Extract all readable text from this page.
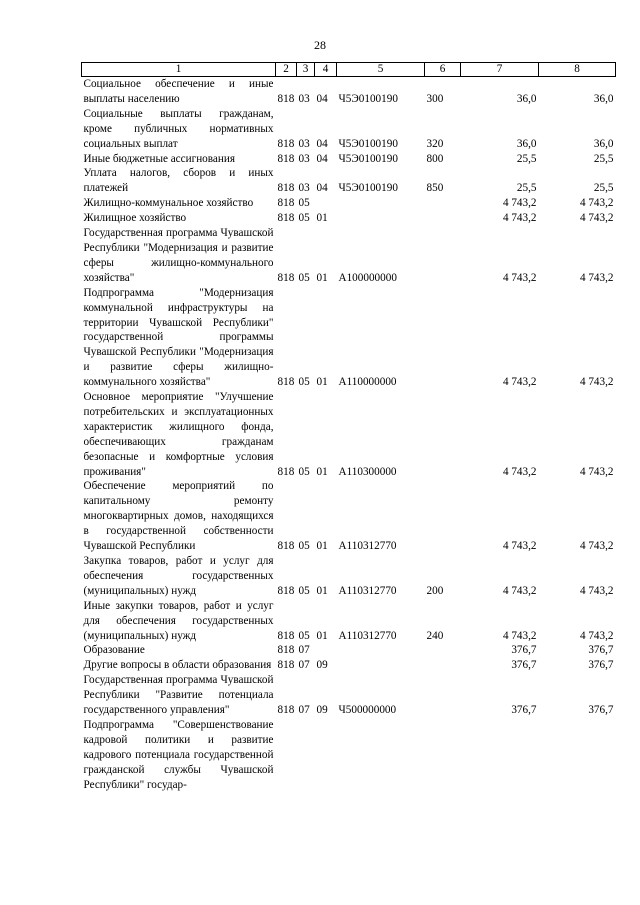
28
1	2	3	4	5	6	7	8
Социальное обеспечение и иные выплаты населению	818	03	04	Ч5Э0100190	300	36,0	36,0
Социальные выплаты гражданам, кроме публичных нормативных социальных выплат	818	03	04	Ч5Э0100190	320	36,0	36,0
Иные бюджетные ассигнования	818	03	04	Ч5Э0100190	800	25,5	25,5
Уплата налогов, сборов и иных платежей	818	03	04	Ч5Э0100190	850	25,5	25,5
Жилищно-коммунальное хозяйство	818	05				4 743,2	4 743,2
Жилищное хозяйство	818	05	01			4 743,2	4 743,2
Государственная программа Чувашской Республики "Модернизация и развитие сферы жилищно-коммунального хозяйства"	818	05	01	А100000000		4 743,2	4 743,2
Подпрограмма "Модернизация коммунальной инфраструктуры на территории Чувашской Республики" государственной программы Чувашской Республики "Модернизация и развитие сферы жилищно-коммунального хозяйства"	818	05	01	А110000000		4 743,2	4 743,2
Основное мероприятие "Улучшение потребительских и эксплуатационных характеристик жилищного фонда, обеспечивающих гражданам безопасные и комфортные условия проживания"	818	05	01	А110300000		4 743,2	4 743,2
Обеспечение мероприятий по капитальному ремонту многоквартирных домов, находящихся в государственной собственности Чувашской Республики	818	05	01	А110312770		4 743,2	4 743,2
Закупка товаров, работ и услуг для обеспечения государственных (муниципальных) нужд	818	05	01	А110312770	200	4 743,2	4 743,2
Иные закупки товаров, работ и услуг для обеспечения государственных (муниципальных) нужд	818	05	01	А110312770	240	4 743,2	4 743,2
Образование	818	07				376,7	376,7
Другие вопросы в области образования	818	07	09			376,7	376,7
Государственная программа Чувашской Республики "Развитие потенциала государственного управления"	818	07	09	Ч500000000		376,7	376,7
Подпрограмма "Совершенствование кадровой политики и развитие кадрового потенциала государственной гражданской службы Чувашской Республики" государ-							
